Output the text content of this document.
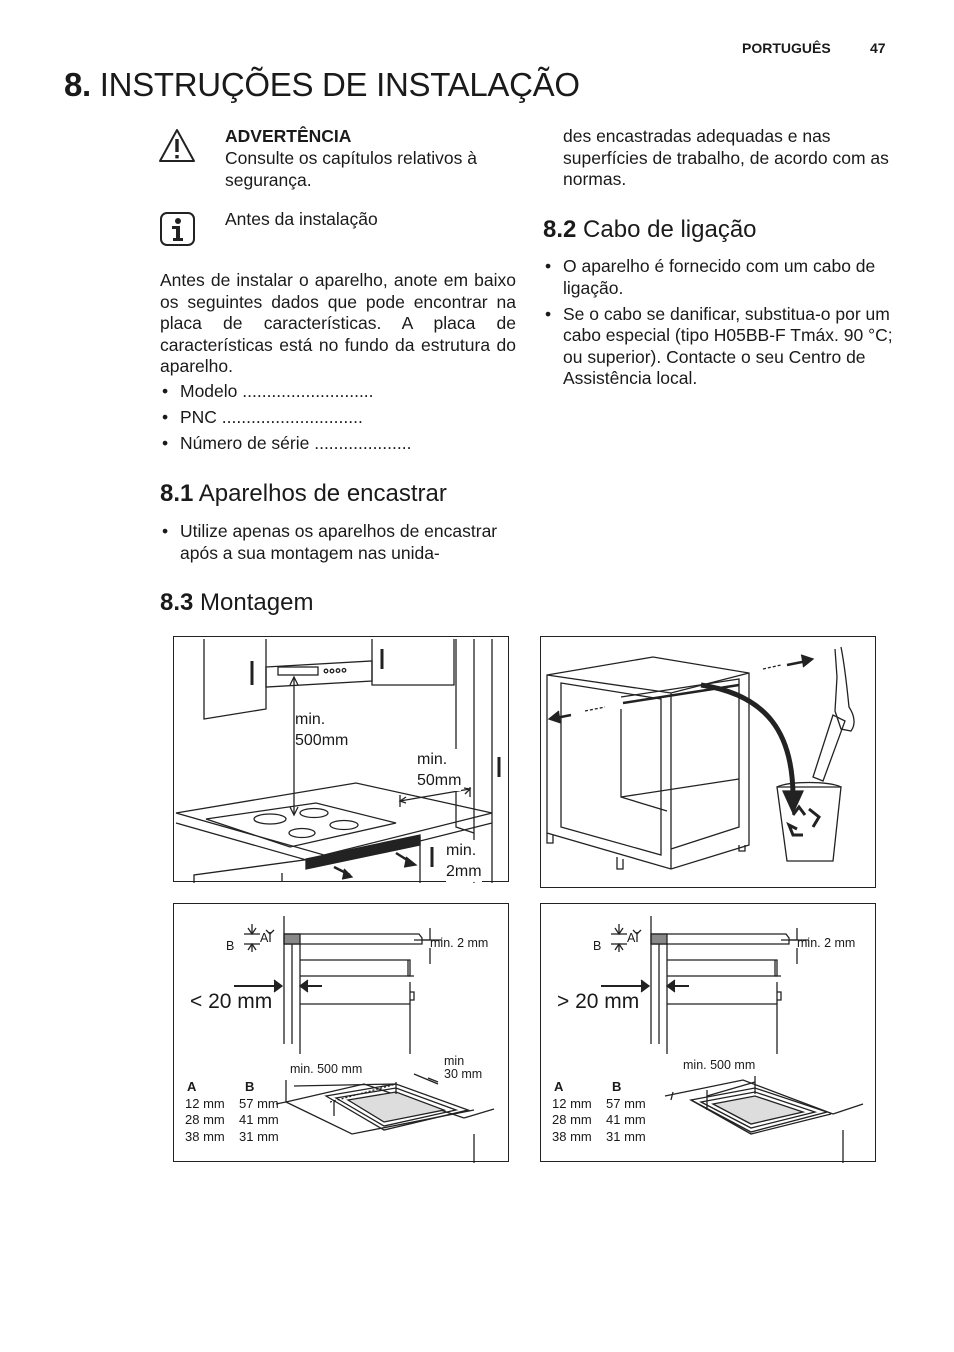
PORTUGUÊS	47
8. INSTRUÇÕES DE INSTALAÇÃO
ADVERTÊNCIA
Consulte os capítulos relativos à segurança.
Antes da instalação
Antes de instalar o aparelho, anote em baixo os seguintes dados que pode encontrar na placa de características. A placa de características está no fundo da estrutura do aparelho.
• Modelo ...........................
• PNC .............................
• Número de série ....................
8.1 Aparelhos de encastrar
• Utilize apenas os aparelhos de encastrar após a sua montagem nas unida-
des encastradas adequadas e nas superfícies de trabalho, de acordo com as normas.
8.2 Cabo de ligação
• O aparelho é fornecido com um cabo de ligação.
• Se o cabo se danificar, substitua-o por um cabo especial (tipo H05BB-F Tmáx. 90 °C; ou superior). Contacte o seu Centro de Assistência local.
8.3 Montagem
min.
500mm
min.
50mm
min.
2mm
A
B	min. 2 mm
< 20 mm
min. 500 mm
min
30 mm
A	B
12 mm 57 mm
28 mm 41 mm
38 mm 31 mm
A
B	min. 2 mm
> 20 mm
min. 500 mm
A	B
12 mm 57 mm
28 mm 41 mm
38 mm 31 mm
